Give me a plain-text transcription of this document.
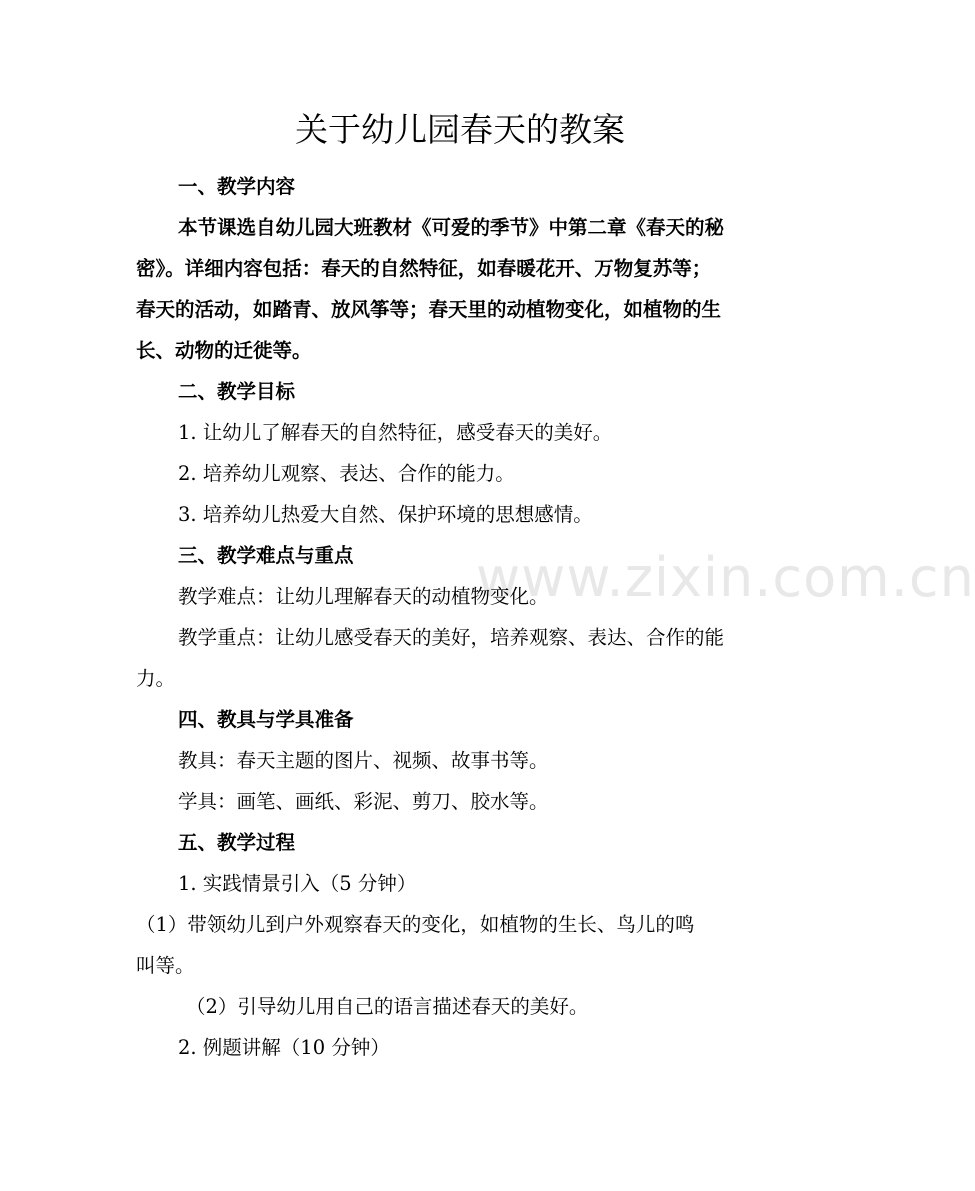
www.zixin.com.cn
关于幼儿园春天的教案

一、教学内容

本节课选自幼儿园大班教材《可爱的季节》中第二章《春天的秘

密》。详细内容包括：春天的自然特征，如春暖花开、万物复苏等；

春天的活动，如踏青、放风筝等；春天里的动植物变化，如植物的生

长、动物的迁徙等。

二、教学目标

1. 让幼儿了解春天的自然特征，感受春天的美好。

2. 培养幼儿观察、表达、合作的能力。

3. 培养幼儿热爱大自然、保护环境的思想感情。

三、教学难点与重点

教学难点：让幼儿理解春天的动植物变化。

教学重点：让幼儿感受春天的美好，培养观察、表达、合作的能

力。

四、教具与学具准备

教具：春天主题的图片、视频、故事书等。

学具：画笔、画纸、彩泥、剪刀、胶水等。

五、教学过程

1. 实践情景引入（5 分钟）

（1）带领幼儿到户外观察春天的变化，如植物的生长、鸟儿的鸣

叫等。

（2）引导幼儿用自己的语言描述春天的美好。

2. 例题讲解（10 分钟）
